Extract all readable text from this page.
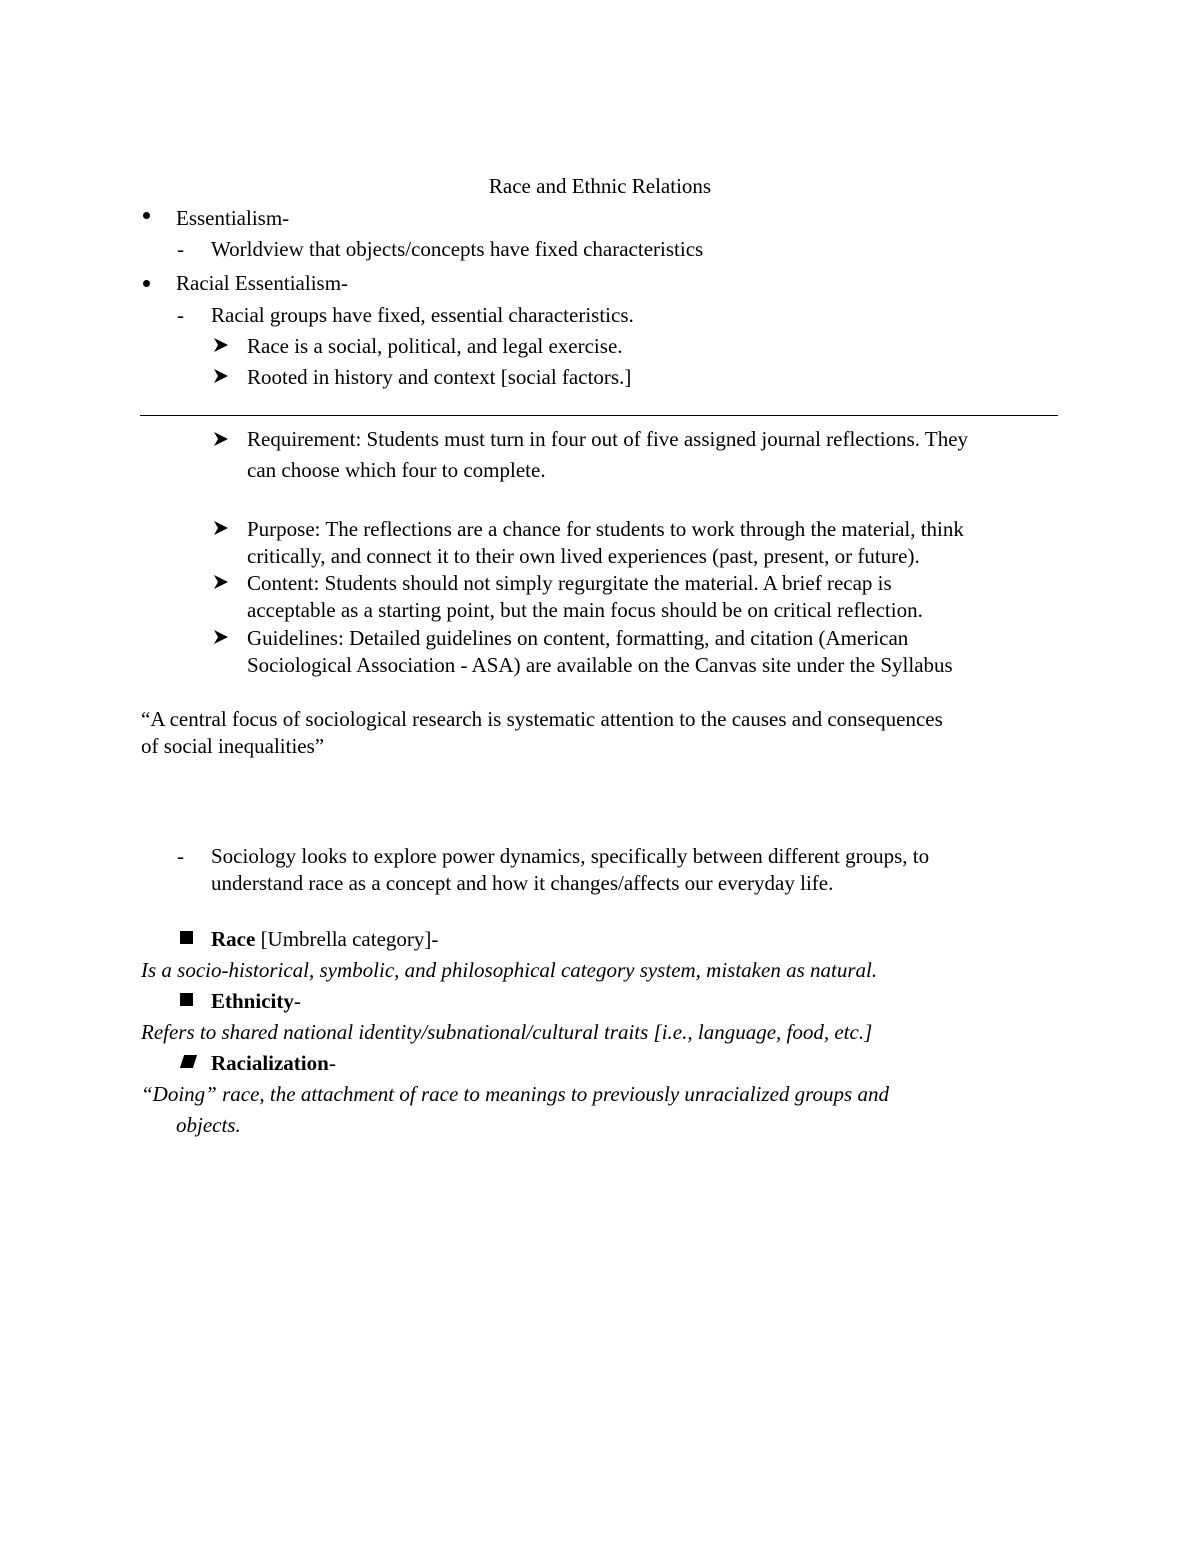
Race and Ethnic Relations
Essentialism-
- Worldview that objects/concepts have fixed characteristics
Racial Essentialism-
- Racial groups have fixed, essential characteristics.
Race is a social, political, and legal exercise.
Rooted in history and context [social factors.]
Requirement: Students must turn in four out of five assigned journal reflections. They
can choose which four to complete.
Purpose: The reflections are a chance for students to work through the material, think
critically, and connect it to their own lived experiences (past, present, or future).
Content: Students should not simply regurgitate the material. A brief recap is
acceptable as a starting point, but the main focus should be on critical reflection.
Guidelines: Detailed guidelines on content, formatting, and citation (American
Sociological Association - ASA) are available on the Canvas site under the Syllabus
“A central focus of sociological research is systematic attention to the causes and consequences
of social inequalities”
- Sociology looks to explore power dynamics, specifically between different groups, to
understand race as a concept and how it changes/affects our everyday life.
Race [Umbrella category]-
Is a socio-historical, symbolic, and philosophical category system, mistaken as natural.
Ethnicity-
Refers to shared national identity/subnational/cultural traits [i.e., language, food, etc.]
Racialization-
“Doing” race, the attachment of race to meanings to previously unracialized groups and
objects.
